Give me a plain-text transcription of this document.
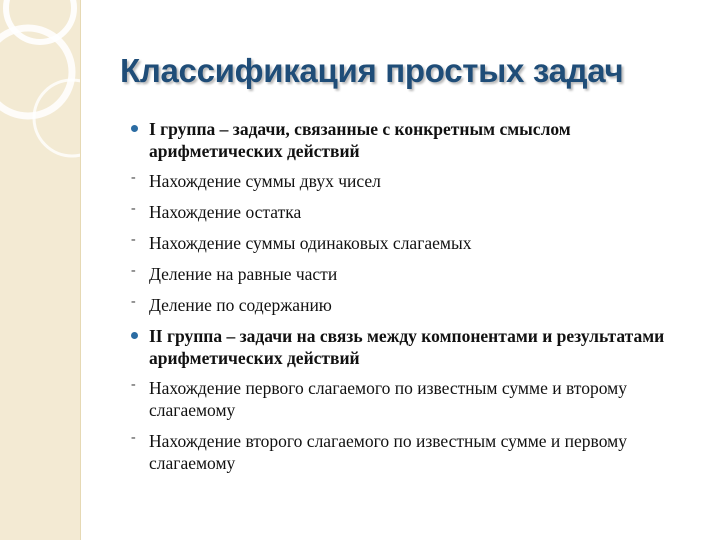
Классификация простых задач
I группа – задачи, связанные с конкретным смыслом арифметических действий
- Нахождение суммы двух чисел
- Нахождение остатка
- Нахождение суммы одинаковых слагаемых
- Деление на равные части
- Деление по содержанию
II группа – задачи на связь между компонентами и результатами арифметических действий
- Нахождение первого слагаемого по известным сумме и второму слагаемому
- Нахождение второго слагаемого по известным сумме и первому слагаемому
